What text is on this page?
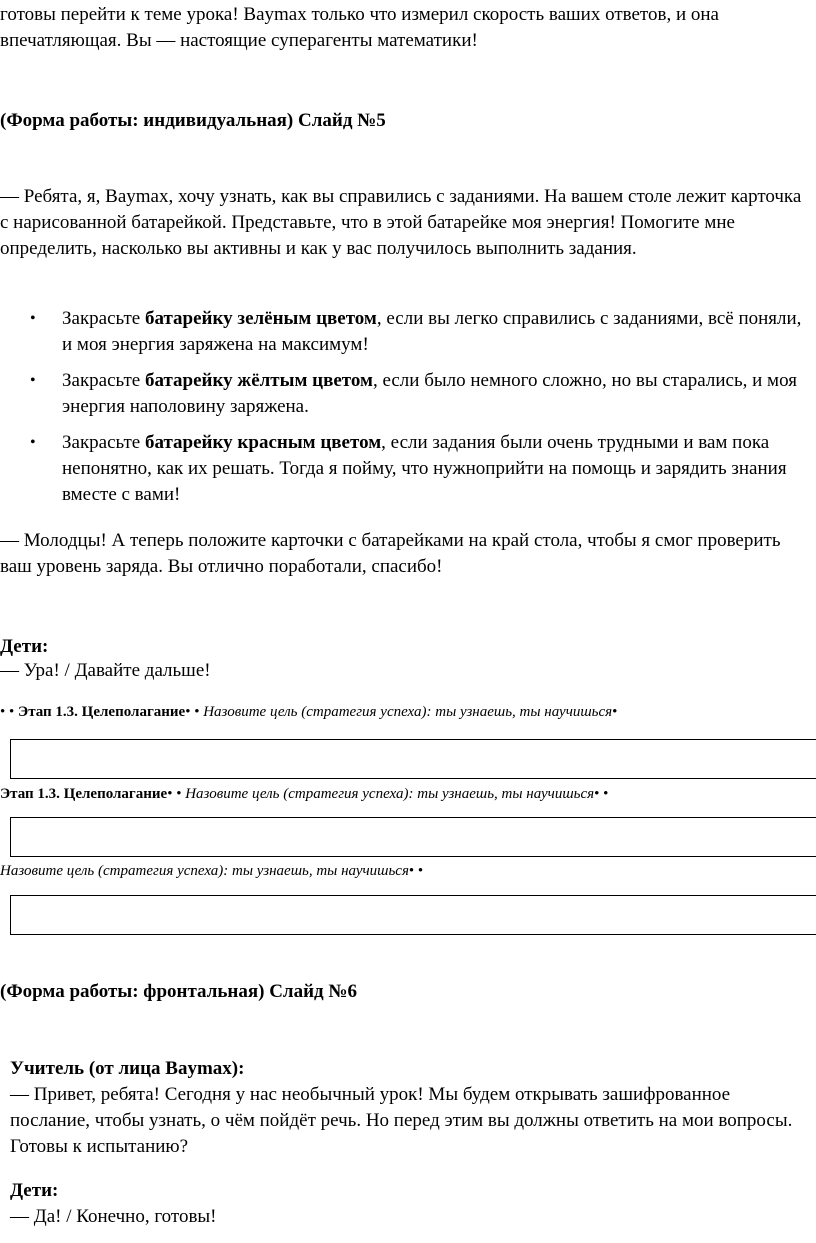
готовы перейти к теме урока! Baymax только что измерил скорость ваших ответов, и она впечатляющая. Вы — настоящие суперагенты математики!

(Форма работы: индивидуальная) Слайд №5

— Ребята, я, Baymax, хочу узнать, как вы справились с заданиями. На вашем столе лежит карточка с нарисованной батарейкой. Представьте, что в этой батарейке моя энергия! Помогите мне определить, насколько вы активны и как у вас получилось выполнить задания.

• Закрасьте батарейку зелёным цветом, если вы легко справились с заданиями, всё поняли, и моя энергия заряжена на максимум!
• Закрасьте батарейку жёлтым цветом, если было немного сложно, но вы старались, и моя энергия наполовину заряжена.
• Закрасьте батарейку красным цветом, если задания были очень трудными и вам пока непонятно, как их решать. Тогда я пойму, что нужноприйти на помощь и зарядить знания вместе с вами!

— Молодцы! А теперь положите карточки с батарейками на край стола, чтобы я смог проверить ваш уровень заряда. Вы отлично поработали, спасибо!

Дети:

— Ура! / Давайте дальше!

• • Этап 1.3. Целеполагание• • Назовите цель (стратегия успеха): ты узнаешь, ты научишься•
Этап 1.3. Целеполагание• • Назовите цель (стратегия успеха): ты узнаешь, ты научишься• •
Назовите цель (стратегия успеха): ты узнаешь, ты научишься• •

(Форма работы: фронтальная) Слайд №6

Учитель (от лица Baymax):

— Привет, ребята! Сегодня у нас необычный урок! Мы будем открывать зашифрованное послание, чтобы узнать, о чём пойдёт речь. Но перед этим вы должны ответить на мои вопросы. Готовы к испытанию?

Дети:

— Да! / Конечно, готовы!
